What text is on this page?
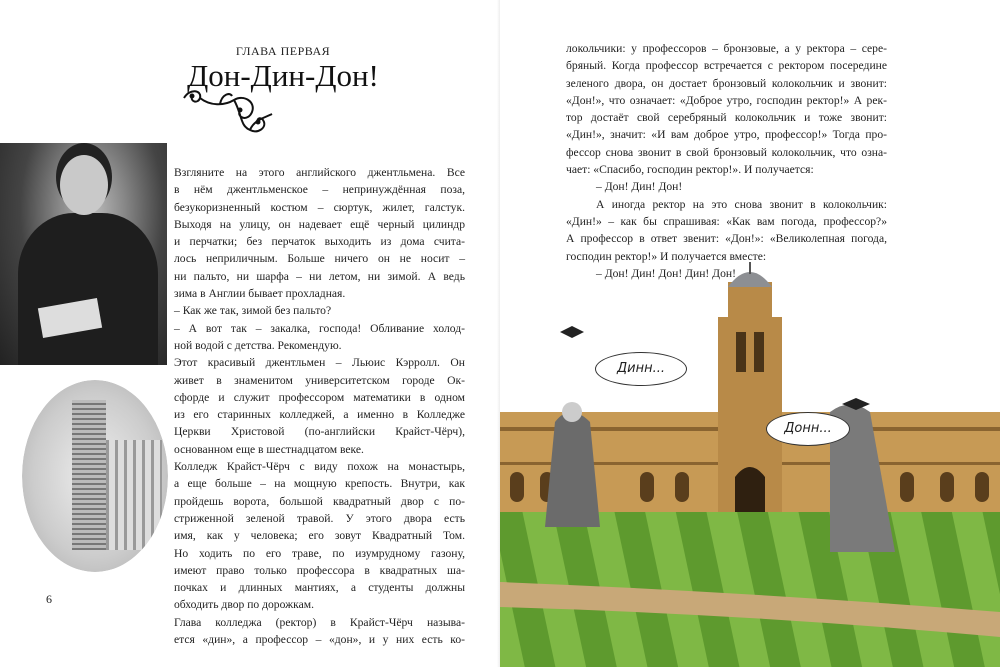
ГЛАВА ПЕРВАЯ
Дон-Дин-Дон!
Взгляните на этого английского джентльмена. Все
в нём джентльменское – непринуждённая поза,
безукоризненный костюм – сюртук, жилет, галстук.
Выходя на улицу, он надевает ещё черный цилиндр
и перчатки; без перчаток выходить из дома счита-
лось неприличным. Больше ничего он не носит –
ни пальто, ни шарфа – ни летом, ни зимой. А ведь
зима в Англии бывает прохладная.
– Как же так, зимой без пальто?
– А вот так – закалка, господа! Обливание холод-
ной водой с детства. Рекомендую.
Этот красивый джентльмен – Льюис Кэрролл. Он
живет в знаменитом университетском городе Ок-
сфорде и служит профессором математики в одном
из его старинных колледжей, а именно в Колледже
Церкви Христовой (по-английски Крайст-Чёрч),
основанном еще в шестнадцатом веке.
Колледж Крайст-Чёрч с виду похож на монастырь,
а еще больше – на мощную крепость. Внутри, как
пройдешь ворота, большой квадратный двор с по-
стриженной зеленой травой. У этого двора есть
имя, как у человека; его зовут Квадратный Том.
Но ходить по его траве, по изумрудному газону,
имеют право только профессора в квадратных ша-
почках и длинных мантиях, а студенты должны
обходить двор по дорожкам.
Глава колледжа (ректор) в Крайст-Чёрч называ-
ется «дин», а профессор – «дон», и у них есть ко-
6
локольчики: у профессоров – бронзовые, а у ректора – сере-
бряный. Когда профессор встречается с ректором посередине
зеленого двора, он достает бронзовый колокольчик и звонит:
«Дон!», что означает: «Доброе утро, господин ректор!» А рек-
тор достаёт свой серебряный колокольчик и тоже звонит:
«Дин!», значит: «И вам доброе утро, профессор!» Тогда про-
фессор снова звонит в свой бронзовый колокольчик, что озна-
чает: «Спасибо, господин ректор!». И получается:
– Дон! Дин! Дон!
А иногда ректор на это снова звонит в колокольчик:
«Дин!» – как бы спрашивая: «Как вам погода, профессор?»
А профессор в ответ звенит: «Дон!»: «Великолепная погода,
господин ректор!» И получается вместе:
– Дон! Дин! Дон! Дин! Дон!
Динн...
Донн...
